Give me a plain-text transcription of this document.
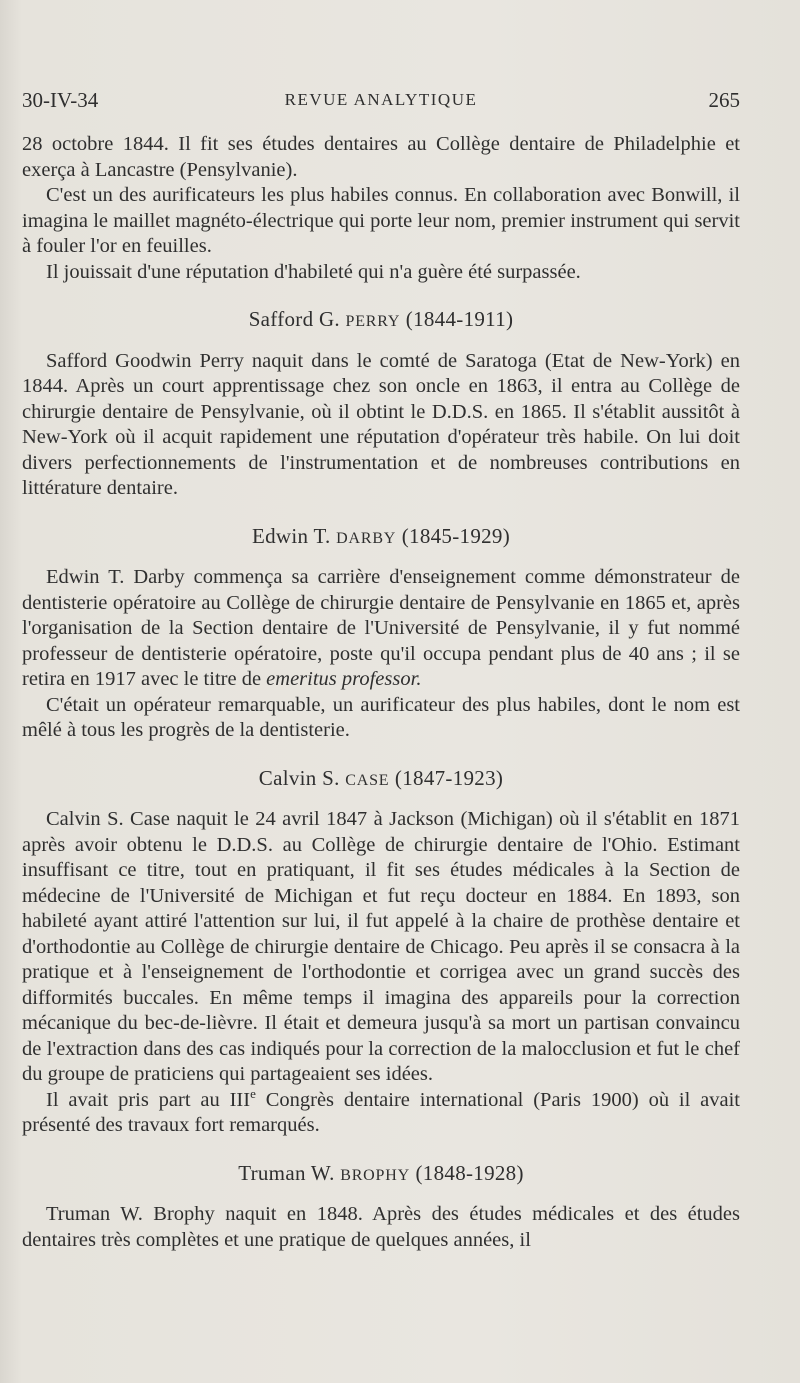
30-IV-34	REVUE ANALYTIQUE	265

28 octobre 1844. Il fit ses études dentaires au Collège dentaire de Philadelphie et exerça à Lancastre (Pensylvanie).

C'est un des aurificateurs les plus habiles connus. En collaboration avec Bonwill, il imagina le maillet magnéto-électrique qui porte leur nom, premier instrument qui servit à fouler l'or en feuilles.

Il jouissait d'une réputation d'habileté qui n'a guère été surpassée.

Safford G. PERRY (1844-1911)

Safford Goodwin Perry naquit dans le comté de Saratoga (Etat de New-York) en 1844. Après un court apprentissage chez son oncle en 1863, il entra au Collège de chirurgie dentaire de Pensylvanie, où il obtint le D.D.S. en 1865. Il s'établit aussitôt à New-York où il acquit rapidement une réputation d'opérateur très habile. On lui doit divers perfectionnements de l'instrumentation et de nombreuses contributions en littérature dentaire.

Edwin T. DARBY (1845-1929)

Edwin T. Darby commença sa carrière d'enseignement comme démonstrateur de dentisterie opératoire au Collège de chirurgie dentaire de Pensylvanie en 1865 et, après l'organisation de la Section dentaire de l'Université de Pensylvanie, il y fut nommé professeur de dentisterie opératoire, poste qu'il occupa pendant plus de 40 ans ; il se retira en 1917 avec le titre de emeritus professor.

C'était un opérateur remarquable, un aurificateur des plus habiles, dont le nom est mêlé à tous les progrès de la dentisterie.

Calvin S. CASE (1847-1923)

Calvin S. Case naquit le 24 avril 1847 à Jackson (Michigan) où il s'établit en 1871 après avoir obtenu le D.D.S. au Collège de chirurgie dentaire de l'Ohio. Estimant insuffisant ce titre, tout en pratiquant, il fit ses études médicales à la Section de médecine de l'Université de Michigan et fut reçu docteur en 1884. En 1893, son habileté ayant attiré l'attention sur lui, il fut appelé à la chaire de prothèse dentaire et d'orthodontie au Collège de chirurgie dentaire de Chicago. Peu après il se consacra à la pratique et à l'enseignement de l'orthodontie et corrigea avec un grand succès des difformités buccales. En même temps il imagina des appareils pour la correction mécanique du bec-de-lièvre. Il était et demeura jusqu'à sa mort un partisan convaincu de l'extraction dans des cas indiqués pour la correction de la malocclusion et fut le chef du groupe de praticiens qui partageaient ses idées.

Il avait pris part au IIIe Congrès dentaire international (Paris 1900) où il avait présenté des travaux fort remarqués.

Truman W. BROPHY (1848-1928)

Truman W. Brophy naquit en 1848. Après des études médicales et des études dentaires très complètes et une pratique de quelques années, il
